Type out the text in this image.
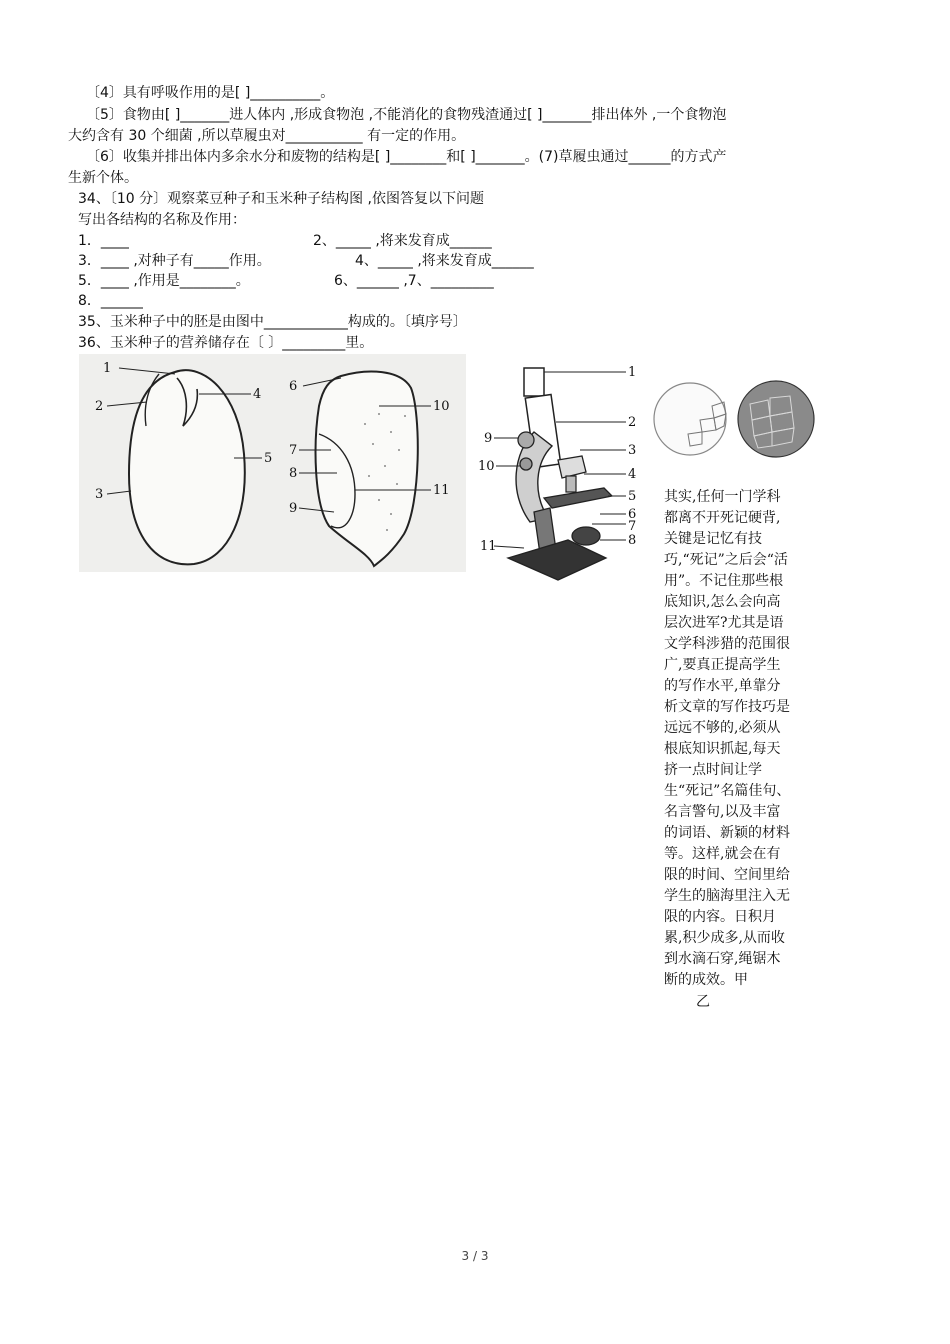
〔4〕具有呼吸作用的是[ ]__________。
〔5〕食物由[ ]_______进人体内 ,形成食物泡 ,不能消化的食物残渣通过[ ]_______排出体外 ,一个食物泡
大约含有 30 个细菌 ,所以草履虫对___________ 有一定的作用。
〔6〕收集并排出体内多余水分和废物的结构是[ ]________和[ ]_______。(7)草履虫通过______的方式产
生新个体。
34、〔10 分〕观察菜豆种子和玉米种子结构图 ,依图答复以下问题
写出各结构的名称及作用：
1．____	2、_____ ,将来发育成______
3．____ ,对种子有_____作用。	4、_____ ,将来发育成______
5．____ ,作用是________。	6、______ ,7、_________
8．______
35、玉米种子中的胚是由图中____________构成的。〔填序号〕
36、玉米种子的营养储存在〔 〕_________里。
1
2
3
4
5
6
7
8
9
10
11
1
2
3
4
5
6
7
8
9
10
11
其实,任何一门学科都离不开死记硬背,关键是记忆有技巧,“死记”之后会“活用”。不记住那些根底知识,怎么会向高层次进军?尤其是语文学科涉猎的范围很广,要真正提高学生的写作水平,单靠分析文章的写作技巧是远远不够的,必须从根底知识抓起,每天挤一点时间让学生“死记”名篇佳句、名言警句,以及丰富的词语、新颖的材料等。这样,就会在有限的时间、空间里给学生的脑海里注入无限的内容。日积月累,积少成多,从而收到水滴石穿,绳锯木断的成效。甲
乙
3 / 3
